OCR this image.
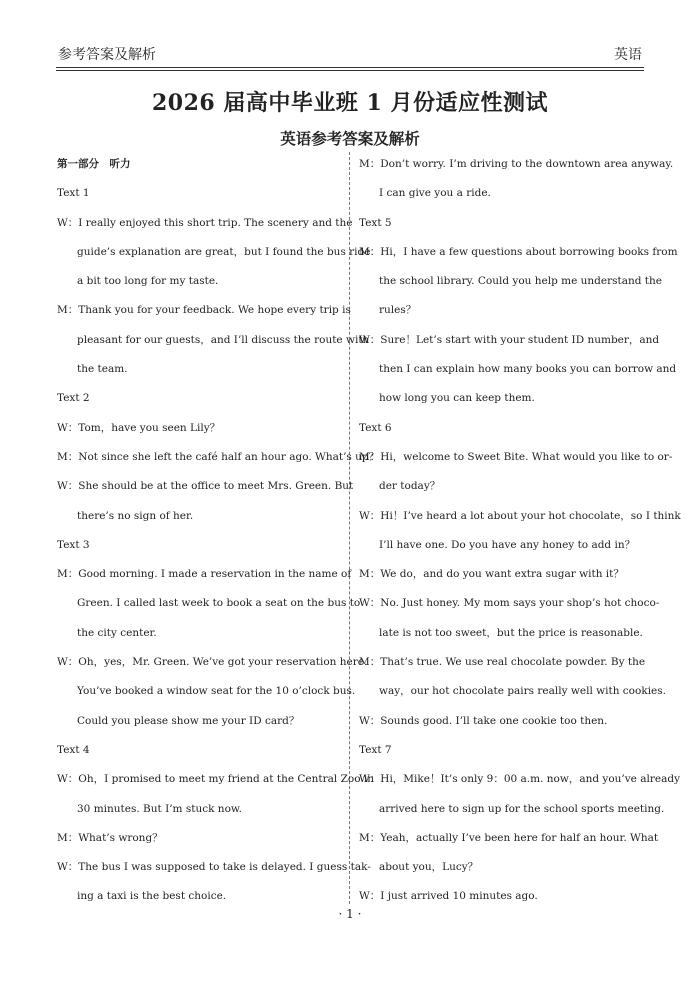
参考答案及解析	英语
2026 届高中毕业班 1 月份适应性测试
英语参考答案及解析
第一部分　听力
Text 1
W：I really enjoyed this short trip. The scenery and the
guide’s explanation are great，but I found the bus ride
a bit too long for my taste.
M：Thank you for your feedback. We hope every trip is
pleasant for our guests，and I’ll discuss the route with
the team.
Text 2
W：Tom，have you seen Lily？
M：Not since she left the café half an hour ago. What’s up？
W：She should be at the office to meet Mrs. Green. But
there’s no sign of her.
Text 3
M：Good morning. I made a reservation in the name of
Green. I called last week to book a seat on the bus to
the city center.
W：Oh，yes，Mr. Green. We’ve got your reservation here.
You’ve booked a window seat for the 10 o’clock bus.
Could you please show me your ID card？
Text 4
W：Oh，I promised to meet my friend at the Central Zoo in
30 minutes. But I’m stuck now.
M：What’s wrong？
W：The bus I was supposed to take is delayed. I guess tak-
ing a taxi is the best choice.
M：Don’t worry. I’m driving to the downtown area anyway.
I can give you a ride.
Text 5
M：Hi，I have a few questions about borrowing books from
the school library. Could you help me understand the
rules？
W：Sure！Let’s start with your student ID number，and
then I can explain how many books you can borrow and
how long you can keep them.
Text 6
M：Hi，welcome to Sweet Bite. What would you like to or-
der today？
W：Hi！I’ve heard a lot about your hot chocolate，so I think
I’ll have one. Do you have any honey to add in？
M：We do，and do you want extra sugar with it？
W：No. Just honey. My mom says your shop’s hot choco-
late is not too sweet，but the price is reasonable.
M：That’s true. We use real chocolate powder. By the
way，our hot chocolate pairs really well with cookies.
W：Sounds good. I’ll take one cookie too then.
Text 7
W：Hi，Mike！It’s only 9：00 a.m. now，and you’ve already
arrived here to sign up for the school sports meeting.
M：Yeah，actually I’ve been here for half an hour. What
about you，Lucy？
W：I just arrived 10 minutes ago.
· 1 ·
